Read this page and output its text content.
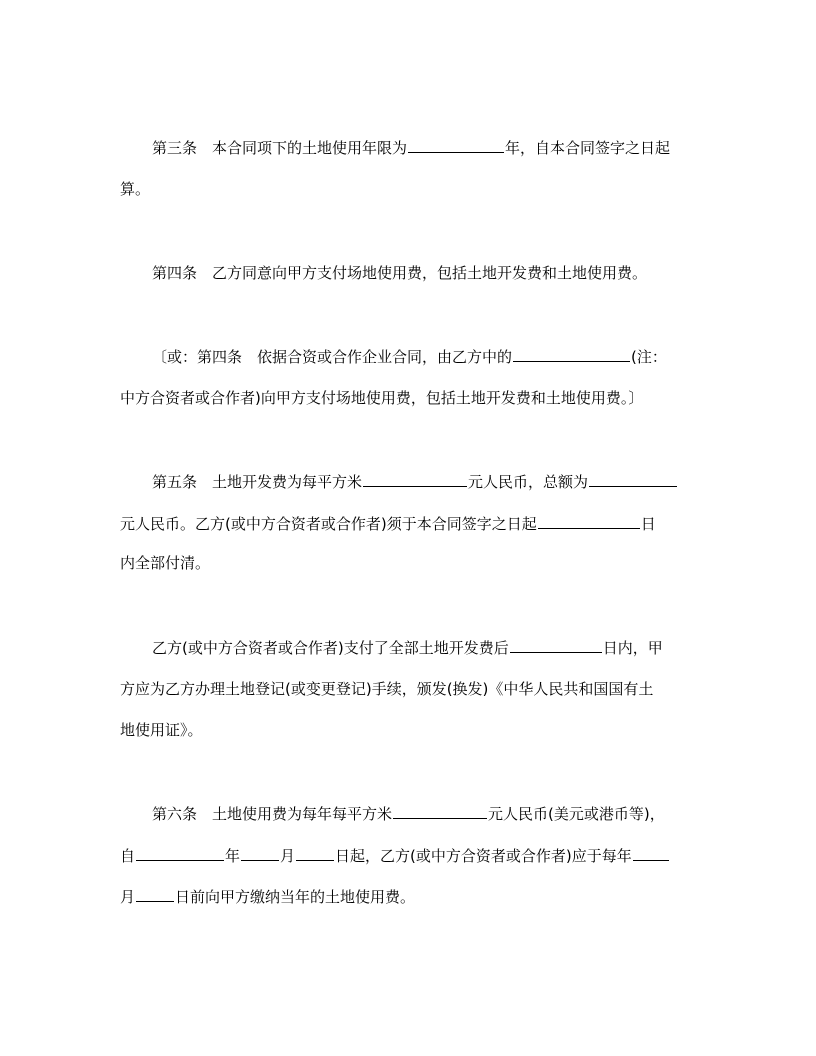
第三条　本合同项下的土地使用年限为	年，自本合同签字之日起
算。
第四条　乙方同意向甲方支付场地使用费，包括土地开发费和土地使用费。
〔或：第四条　依据合资或合作企业合同，由乙方中的	(注：
中方合资者或合作者)向甲方支付场地使用费，包括土地开发费和土地使用费。〕
第五条　土地开发费为每平方米	元人民币，总额为
元人民币。乙方(或中方合资者或合作者)须于本合同签字之日起	日
内全部付清。
乙方(或中方合资者或合作者)支付了全部土地开发费后	日内，甲
方应为乙方办理土地登记(或变更登记)手续，颁发(换发)《中华人民共和国国有土
地使用证》。
第六条　土地使用费为每年每平方米	元人民币(美元或港币等)，
自	年	月	日起，乙方(或中方合资者或合作者)应于每年
月	日前向甲方缴纳当年的土地使用费。
